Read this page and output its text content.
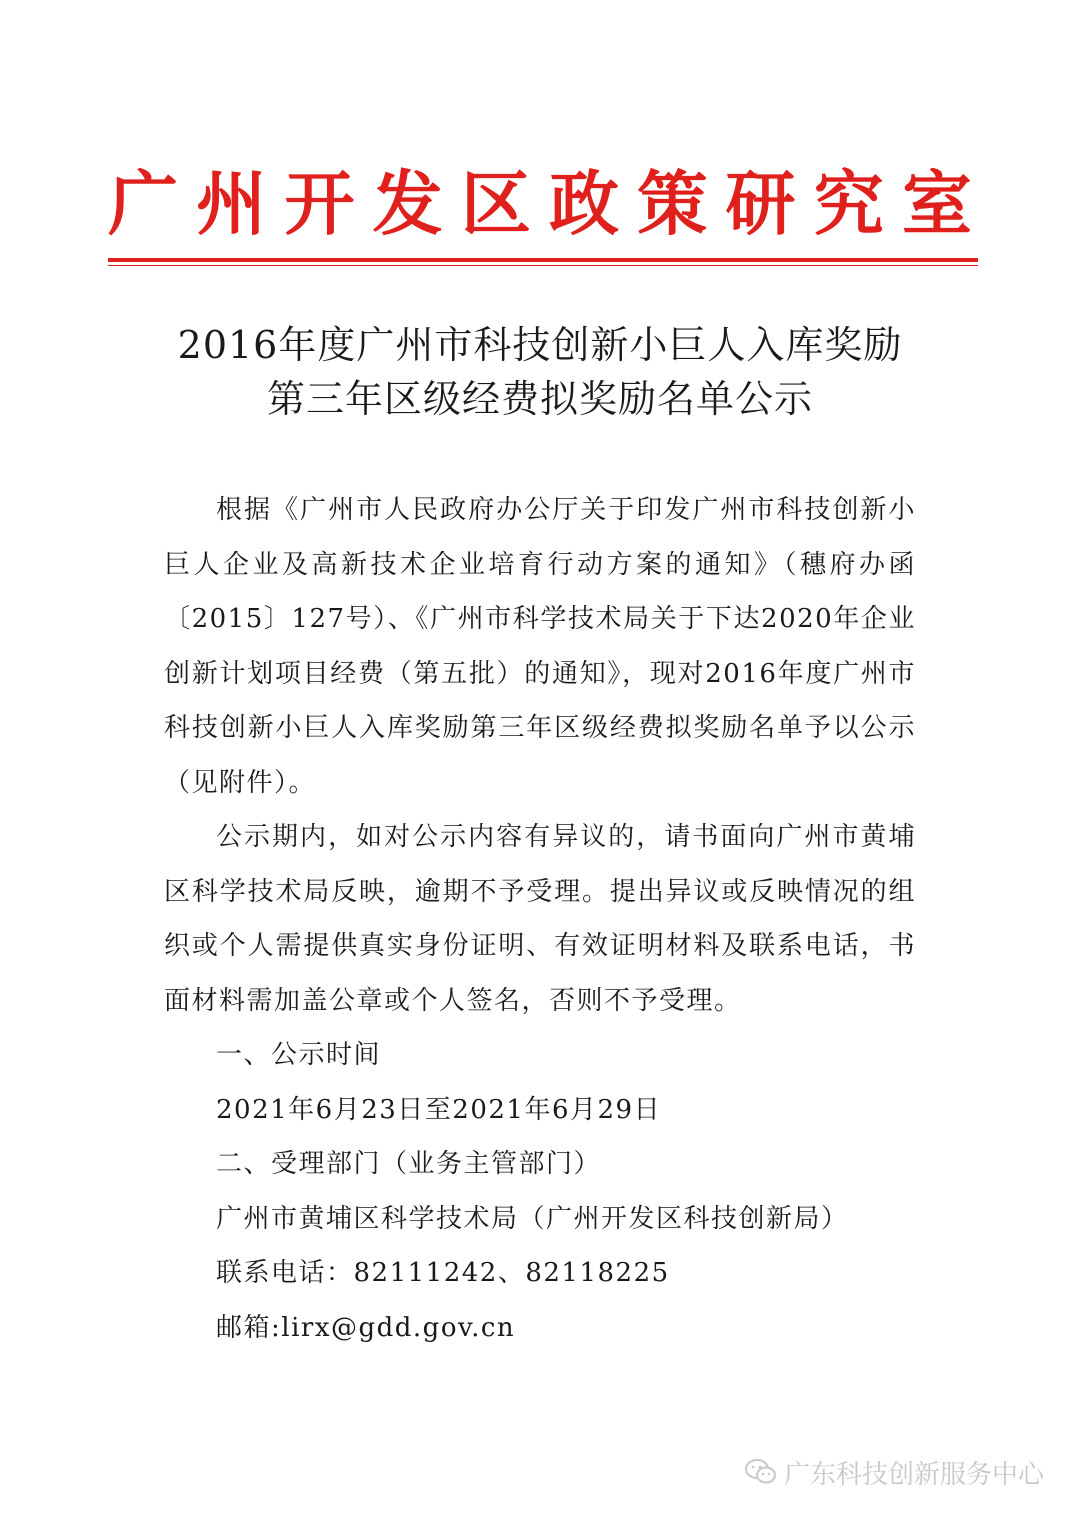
广 州 开 发 区 政 策 研 究 室
2016年度广州市科技创新小巨人入库奖励
第三年区级经费拟奖励名单公示

根据《广州市人民政府办公厅关于印发广州市科技创新小巨人企业及高新技术企业培育行动方案的通知》（穗府办函〔2015〕127号）、《广州市科学技术局关于下达2020年企业创新计划项目经费（第五批）的通知》，现对2016年度广州市科技创新小巨人入库奖励第三年区级经费拟奖励名单予以公示（见附件）。

公示期内，如对公示内容有异议的，请书面向广州市黄埔区科学技术局反映，逾期不予受理。提出异议或反映情况的组织或个人需提供真实身份证明、有效证明材料及联系电话，书面材料需加盖公章或个人签名，否则不予受理。

一、公示时间

2021年6月23日至2021年6月29日

二、受理部门（业务主管部门）

广州市黄埔区科学技术局（广州开发区科技创新局）

联系电话：82111242、82118225

邮箱:lirx@gdd.gov.cn

广东科技创新服务中心
